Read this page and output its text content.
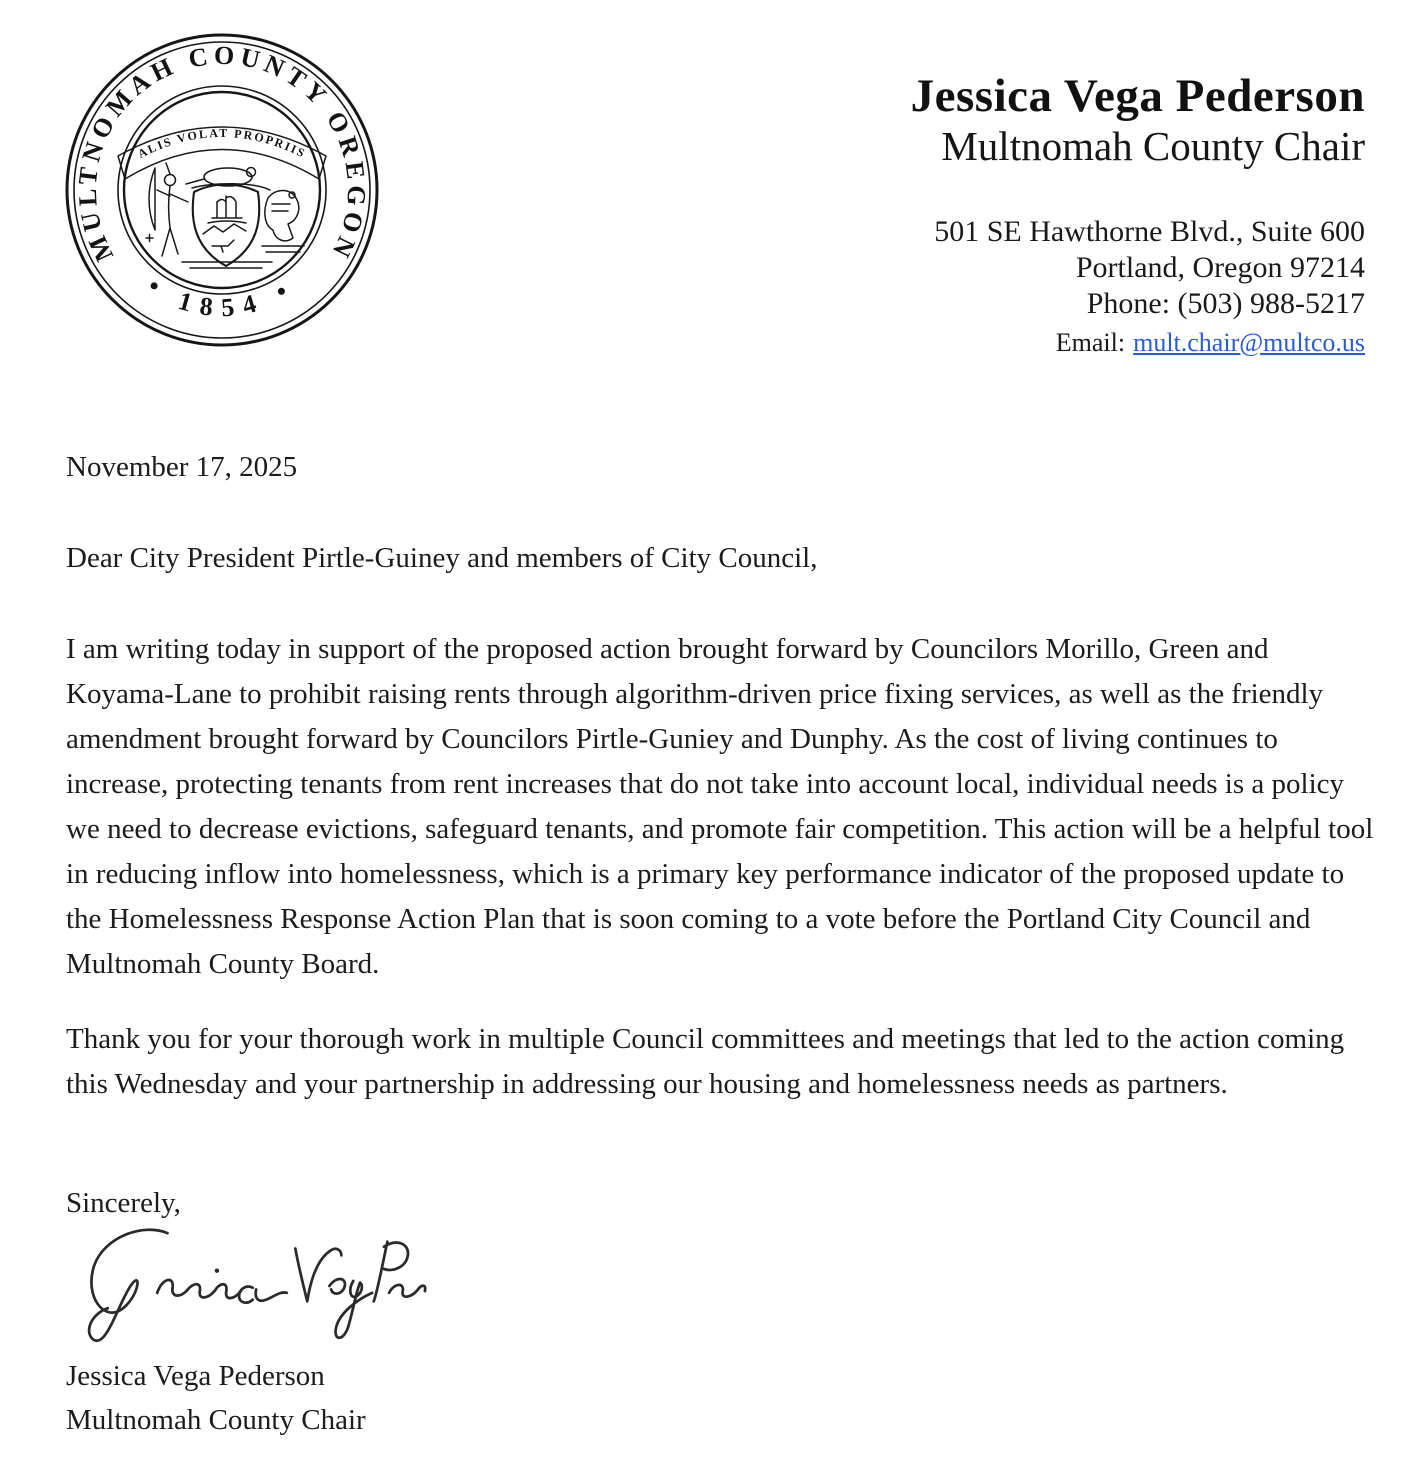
MULTNOMAH COUNTY OREGON
• 1854 •
ALIS VOLAT PROPRIIS
Jessica Vega Pederson
Multnomah County Chair
501 SE Hawthorne Blvd., Suite 600
Portland, Oregon 97214
Phone: (503) 988-5217
Email: mult.chair@multco.us

November 17, 2025

Dear City President Pirtle-Guiney and members of City Council,

I am writing today in support of the proposed action brought forward by Councilors Morillo, Green and Koyama-Lane to prohibit raising rents through algorithm-driven price fixing services, as well as the friendly amendment brought forward by Councilors Pirtle-Guniey and Dunphy. As the cost of living continues to increase, protecting tenants from rent increases that do not take into account local, individual needs is a policy we need to decrease evictions, safeguard tenants, and promote fair competition. This action will be a helpful tool in reducing inflow into homelessness, which is a primary key performance indicator of the proposed update to the Homelessness Response Action Plan that is soon coming to a vote before the Portland City Council and Multnomah County Board.

Thank you for your thorough work in multiple Council committees and meetings that led to the action coming this Wednesday and your partnership in addressing our housing and homelessness needs as partners.

Sincerely,

Jessica Vega Pederson

Multnomah County Chair
